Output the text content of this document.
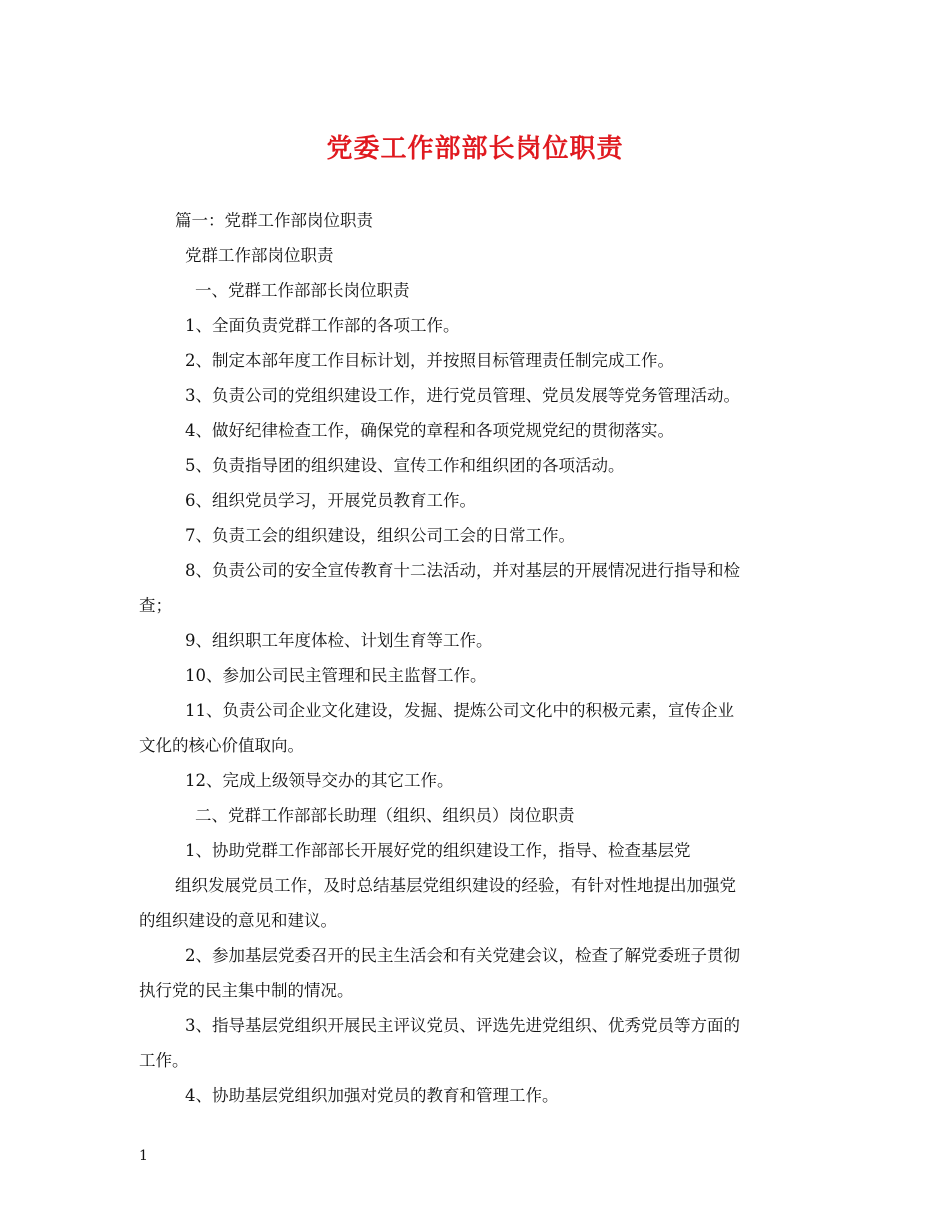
党委工作部部长岗位职责

篇一：党群工作部岗位职责

党群工作部岗位职责

一、党群工作部部长岗位职责

1、全面负责党群工作部的各项工作。

2、制定本部年度工作目标计划，并按照目标管理责任制完成工作。

3、负责公司的党组织建设工作，进行党员管理、党员发展等党务管理活动。

4、做好纪律检查工作，确保党的章程和各项党规党纪的贯彻落实。

5、负责指导团的组织建设、宣传工作和组织团的各项活动。

6、组织党员学习，开展党员教育工作。

7、负责工会的组织建设，组织公司工会的日常工作。

8、负责公司的安全宣传教育十二法活动，并对基层的开展情况进行指导和检

查；

9、组织职工年度体检、计划生育等工作。

10、参加公司民主管理和民主监督工作。

11、负责公司企业文化建设，发掘、提炼公司文化中的积极元素，宣传企业

文化的核心价值取向。

12、完成上级领导交办的其它工作。

二、党群工作部部长助理（组织、组织员）岗位职责

1、协助党群工作部部长开展好党的组织建设工作，指导、检查基层党

组织发展党员工作，及时总结基层党组织建设的经验，有针对性地提出加强党

的组织建设的意见和建议。

2、参加基层党委召开的民主生活会和有关党建会议，检查了解党委班子贯彻

执行党的民主集中制的情况。

3、指导基层党组织开展民主评议党员、评选先进党组织、优秀党员等方面的

工作。

4、协助基层党组织加强对党员的教育和管理工作。

1
